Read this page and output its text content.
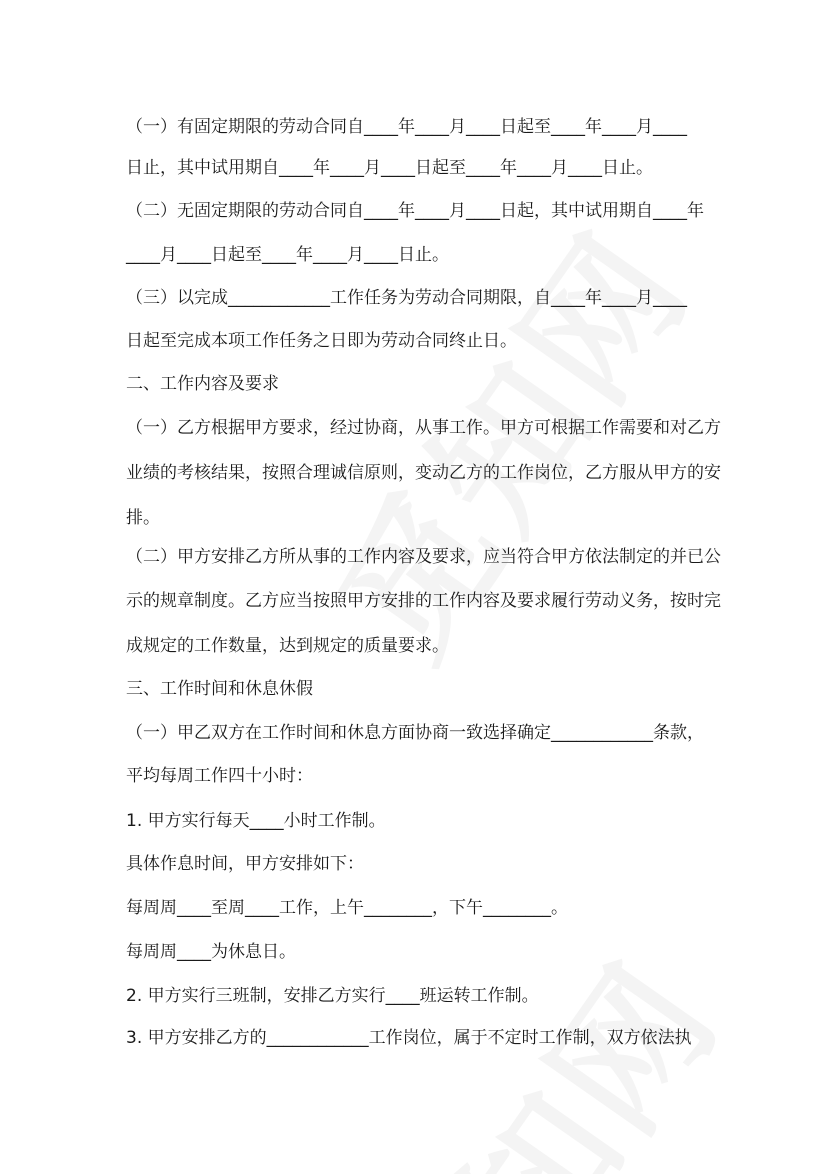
（一）有固定期限的劳动合同自____年____月____日起至____年____月____
日止，其中试用期自____年____月____日起至____年____月____日止。
（二）无固定期限的劳动合同自____年____月____日起，其中试用期自____年
____月____日起至____年____月____日止。
（三）以完成____________工作任务为劳动合同期限，自____年____月____
日起至完成本项工作任务之日即为劳动合同终止日。
二、工作内容及要求
（一）乙方根据甲方要求，经过协商，从事工作。甲方可根据工作需要和对乙方
业绩的考核结果，按照合理诚信原则，变动乙方的工作岗位，乙方服从甲方的安
排。
（二）甲方安排乙方所从事的工作内容及要求，应当符合甲方依法制定的并已公
示的规章制度。乙方应当按照甲方安排的工作内容及要求履行劳动义务，按时完
成规定的工作数量，达到规定的质量要求。
三、工作时间和休息休假
（一）甲乙双方在工作时间和休息方面协商一致选择确定____________条款，
平均每周工作四十小时：
1. 甲方实行每天____小时工作制。
具体作息时间，甲方安排如下：
每周周____至周____工作，上午________，下午________。
每周周____为休息日。
2. 甲方实行三班制，安排乙方实行____班运转工作制。
3. 甲方安排乙方的____________工作岗位，属于不定时工作制，双方依法执
